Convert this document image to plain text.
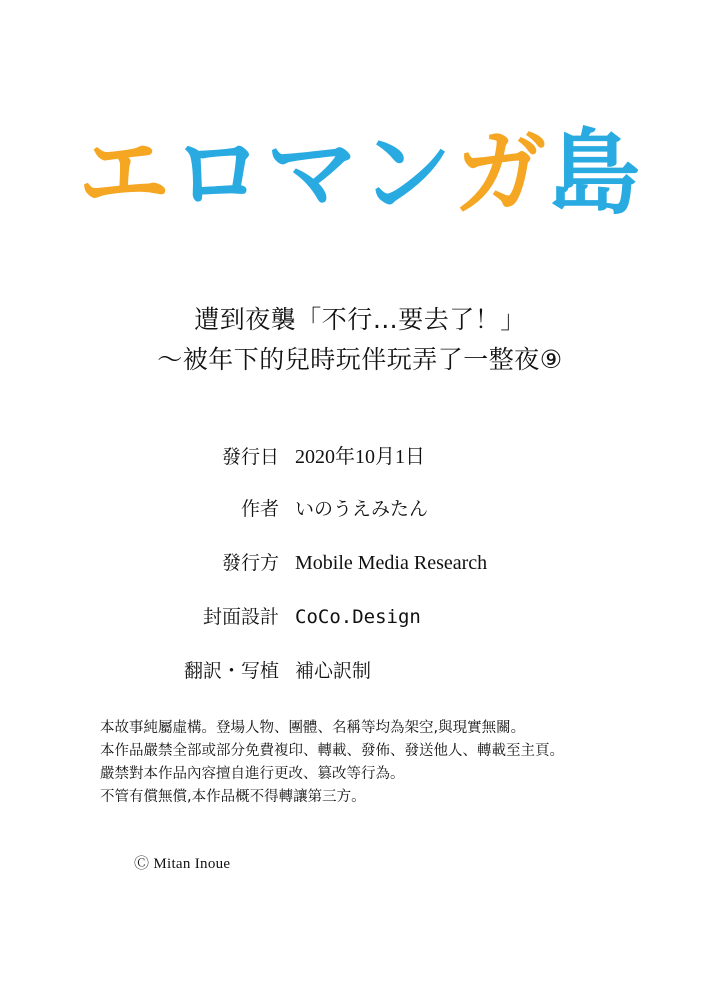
エロマンガ島
遭到夜襲「不行…要去了！」
～被年下的兒時玩伴玩弄了一整夜⑨
發行日 2020年10月1日
作者 いのうえみたん
發行方 Mobile Media Research
封面設計 CoCo.Design
翻訳・写植 補心訳制

本故事純屬虛構。登場人物、團體、名稱等均為架空,與現實無關。

本作品嚴禁全部或部分免費複印、轉載、發佈、發送他人、轉載至主頁。

嚴禁對本作品內容擅自進行更改、篡改等行為。

不管有償無償,本作品概不得轉讓第三方。

Ⓒ Mitan Inoue
